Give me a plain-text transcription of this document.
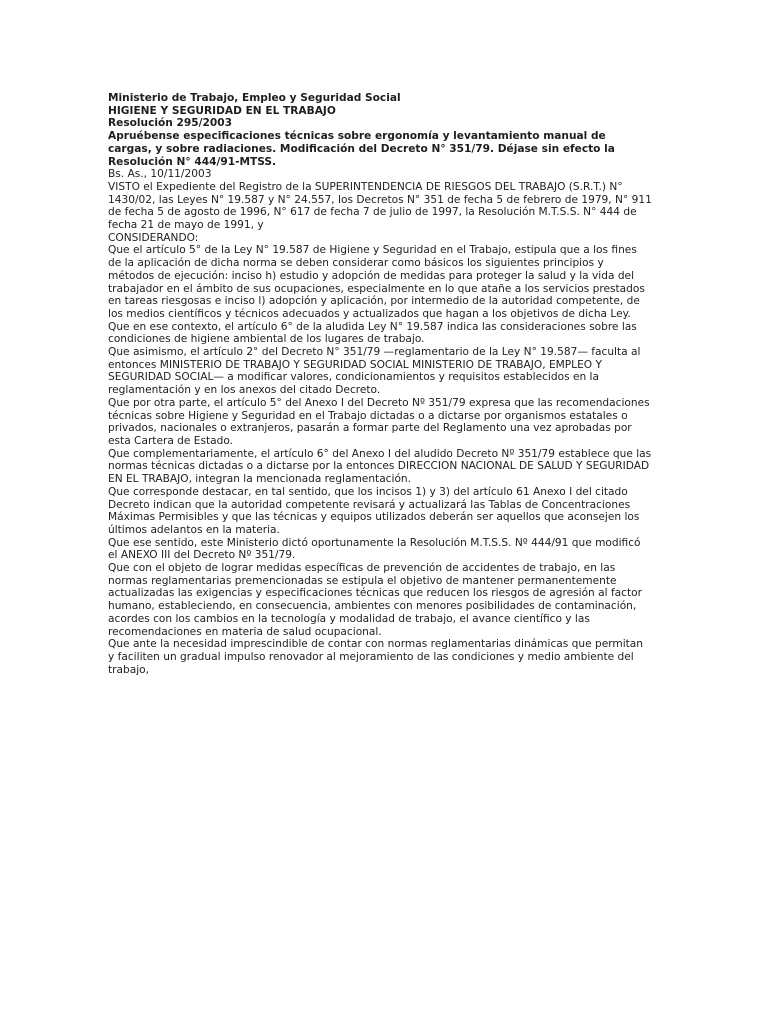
Ministerio de Trabajo, Empleo y Seguridad Social

HIGIENE Y SEGURIDAD EN EL TRABAJO

Resolución 295/2003

Apruébense especificaciones técnicas sobre ergonomía y levantamiento manual de cargas, y sobre radiaciones. Modificación del Decreto N° 351/79. Déjase sin efecto la Resolución N° 444/91-MTSS.

Bs. As., 10/11/2003

VISTO el Expediente del Registro de la SUPERINTENDENCIA DE RIESGOS DEL TRABAJO (S.R.T.) N° 1430/02, las Leyes N° 19.587 y N° 24.557, los Decretos N° 351 de fecha 5 de febrero de 1979, N° 911 de fecha 5 de agosto de 1996, N° 617 de fecha 7 de julio de 1997, la Resolución M.T.S.S. N° 444 de fecha 21 de mayo de 1991, y

CONSIDERANDO:

Que el artículo 5° de la Ley N° 19.587 de Higiene y Seguridad en el Trabajo, estipula que a los fines de la aplicación de dicha norma se deben considerar como básicos los siguientes principios y métodos de ejecución: inciso h) estudio y adopción de medidas para proteger la salud y la vida del trabajador en el ámbito de sus ocupaciones, especialmente en lo que atañe a los servicios prestados en tareas riesgosas e inciso l) adopción y aplicación, por intermedio de la autoridad competente, de los medios científicos y técnicos adecuados y actualizados que hagan a los objetivos de dicha Ley.

Que en ese contexto, el artículo 6° de la aludida Ley N° 19.587 indica las consideraciones sobre las condiciones de higiene ambiental de los lugares de trabajo.

Que asimismo, el artículo 2° del Decreto N° 351/79 —reglamentario de la Ley N° 19.587— faculta al entonces MINISTERIO DE TRABAJO Y SEGURIDAD SOCIAL MINISTERIO DE TRABAJO, EMPLEO Y SEGURIDAD SOCIAL— a modificar valores, condicionamientos y requisitos establecidos en la reglamentación y en los anexos del citado Decreto.

Que por otra parte, el artículo 5° del Anexo I del Decreto Nº 351/79 expresa que las recomendaciones técnicas sobre Higiene y Seguridad en el Trabajo dictadas o a dictarse por organismos estatales o privados, nacionales o extranjeros, pasarán a formar parte del Reglamento una vez aprobadas por esta Cartera de Estado.

Que complementariamente, el artículo 6° del Anexo I del aludido Decreto Nº 351/79 establece que las normas técnicas dictadas o a dictarse por la entonces DIRECCION NACIONAL DE SALUD Y SEGURIDAD EN EL TRABAJO, integran la mencionada reglamentación.

Que corresponde destacar, en tal sentido, que los incisos 1) y 3) del artículo 61 Anexo I del citado Decreto indican que la autoridad competente revisará y actualizará las Tablas de Concentraciones Máximas Permisibles y que las técnicas y equipos utilizados deberán ser aquellos que aconsejen los últimos adelantos en la materia.

Que ese sentido, este Ministerio dictó oportunamente la Resolución M.T.S.S. Nº 444/91 que modificó el ANEXO III del Decreto Nº 351/79.

Que con el objeto de lograr medidas específicas de prevención de accidentes de trabajo, en las normas reglamentarias premencionadas se estipula el objetivo de mantener permanentemente actualizadas las exigencias y especificaciones técnicas que reducen los riesgos de agresión al factor humano, estableciendo, en consecuencia, ambientes con menores posibilidades de contaminación, acordes con los cambios en la tecnología y modalidad de trabajo, el avance científico y las recomendaciones en materia de salud ocupacional.

Que ante la necesidad imprescindible de contar con normas reglamentarias dinámicas que permitan y faciliten un gradual impulso renovador al mejoramiento de las condiciones y medio ambiente del trabajo,
